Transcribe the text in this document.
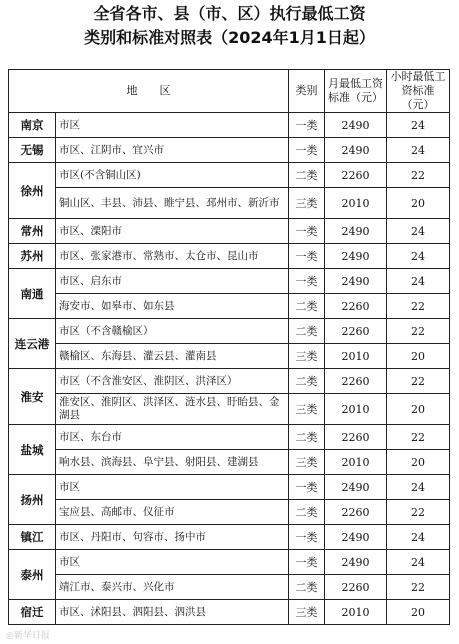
全省各市、县（市、区）执行最低工资
类别和标准对照表（2024年1月1日起）
地　　区		类别	月最低工资标准（元）	小时最低工资标准（元）
南京	市区	一类	2490	24
无锡	市区、江阴市、宜兴市	一类	2490	24
徐州	市区(不含铜山区)	二类	2260	22
	铜山区、丰县、沛县、睢宁县、邳州市、新沂市	三类	2010	20
常州	市区、溧阳市	一类	2490	24
苏州	市区、张家港市、常熟市、太仓市、昆山市	一类	2490	24
南通	市区、启东市	一类	2490	24
	海安市、如皋市、如东县	二类	2260	22
连云港	市区（不含赣榆区）	二类	2260	22
	赣榆区、东海县、灌云县、灌南县	三类	2010	20
淮安	市区（不含淮安区、淮阴区、洪泽区）	二类	2260	22
	淮安区、淮阴区、洪泽区、涟水县、盱眙县、金湖县	三类	2010	20
盐城	市区、东台市	二类	2260	22
	响水县、滨海县、阜宁县、射阳县、建湖县	三类	2010	20
扬州	市区	一类	2490	24
	宝应县、高邮市、仪征市	二类	2260	22
镇江	市区、丹阳市、句容市、扬中市	一类	2490	24
泰州	市区	一类	2490	24
	靖江市、泰兴市、兴化市	二类	2260	22
宿迁	市区、沭阳县、泗阳县、泗洪县	三类	2010	20
◎新华日报
